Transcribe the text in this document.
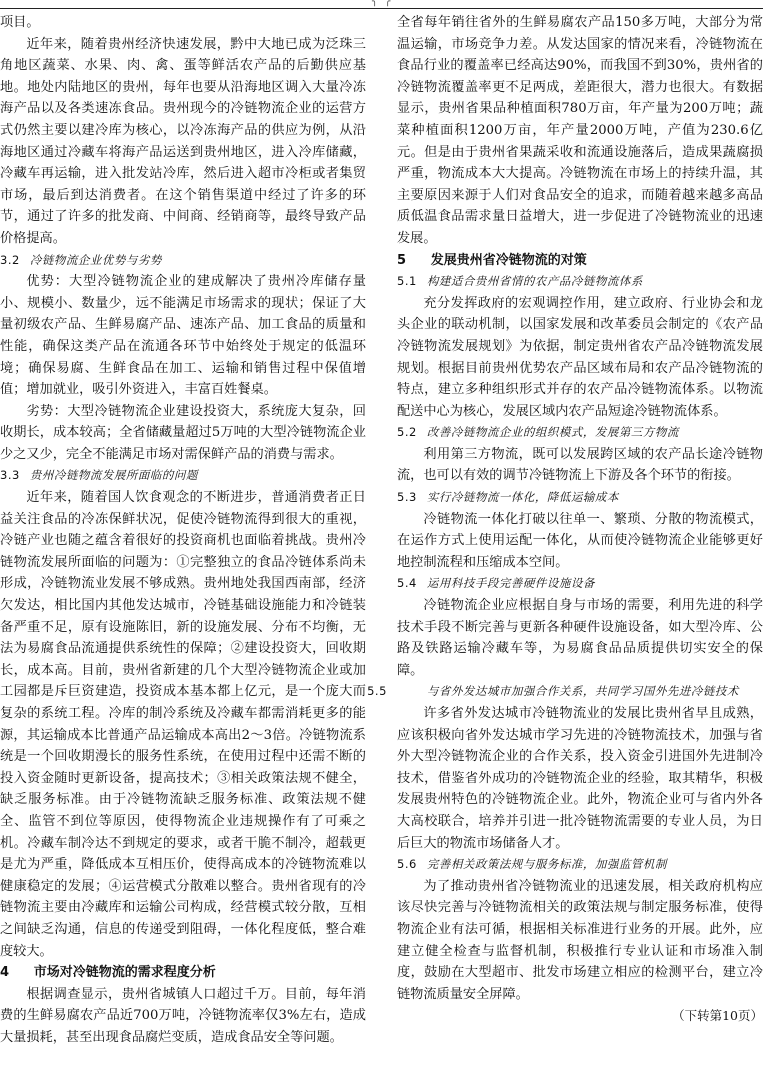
╮ ╭

项目。

近年来，随着贵州经济快速发展，黔中大地已成为泛珠三角地区蔬菜、水果、肉、禽、蛋等鲜活农产品的后勤供应基地。地处内陆地区的贵州，每年也要从沿海地区调入大量冷冻海产品以及各类速冻食品。贵州现今的冷链物流企业的运营方式仍然主要以建冷库为核心，以冷冻海产品的供应为例，从沿海地区通过冷藏车将海产品运送到贵州地区，进入冷库储藏，冷藏车再运输，进入批发站冷库，然后进入超市冷柜或者集贸市场，最后到达消费者。在这个销售渠道中经过了许多的环节，通过了许多的批发商、中间商、经销商等，最终导致产品价格提高。

3.2 冷链物流企业优势与劣势

优势：大型冷链物流企业的建成解决了贵州冷库储存量小、规模小、数量少，远不能满足市场需求的现状；保证了大量初级农产品、生鲜易腐产品、速冻产品、加工食品的质量和性能，确保这类产品在流通各环节中始终处于规定的低温环境；确保易腐、生鲜食品在加工、运输和销售过程中保值增值；增加就业，吸引外资进入，丰富百姓餐桌。

劣势：大型冷链物流企业建设投资大，系统庞大复杂，回收期长，成本较高；全省储藏量超过5万吨的大型冷链物流企业少之又少，完全不能满足市场对需保鲜产品的消费与需求。

3.3 贵州冷链物流发展所面临的问题

近年来，随着国人饮食观念的不断进步，普通消费者正日益关注食品的冷冻保鲜状况，促使冷链物流得到很大的重视，冷链产业也随之蕴含着很好的投资商机也面临着挑战。贵州冷链物流发展所面临的问题为：①完整独立的食品冷链体系尚未形成，冷链物流业发展不够成熟。贵州地处我国西南部，经济欠发达，相比国内其他发达城市，冷链基础设施能力和冷链装备严重不足，原有设施陈旧，新的设施发展、分布不均衡，无法为易腐食品流通提供系统性的保障；②建设投资大，回收期长，成本高。目前，贵州省新建的几个大型冷链物流企业或加工园都是斥巨资建造，投资成本基本都上亿元，是一个庞大而复杂的系统工程。冷库的制冷系统及冷藏车都需消耗更多的能源，其运输成本比普通产品运输成本高出2～3倍。冷链物流系统是一个回收期漫长的服务性系统，在使用过程中还需不断的投入资金随时更新设备，提高技术；③相关政策法规不健全，缺乏服务标准。由于冷链物流缺乏服务标准、政策法规不健全、监管不到位等原因，使得物流企业违规操作有了可乘之机。冷藏车制冷达不到规定的要求，或者干脆不制冷，超载更是尤为严重，降低成本互相压价，使得高成本的冷链物流难以健康稳定的发展；④运营模式分散难以整合。贵州省现有的冷链物流主要由冷藏库和运输公司构成，经营模式较分散，互相之间缺乏沟通，信息的传递受到阻碍，一体化程度低，整合难度较大。

4 市场对冷链物流的需求程度分析

根据调查显示，贵州省城镇人口超过千万。目前，每年消费的生鲜易腐农产品近700万吨，冷链物流率仅3%左右，造成大量损耗，甚至出现食品腐烂变质，造成食品安全等问题。

全省每年销往省外的生鲜易腐农产品150多万吨，大部分为常温运输，市场竞争力差。从发达国家的情况来看，冷链物流在食品行业的覆盖率已经高达90%，而我国不到30%，贵州省的冷链物流覆盖率更不足两成，差距很大，潜力也很大。有数据显示，贵州省果品种植面积780万亩，年产量为200万吨；蔬菜种植面积1200万亩，年产量2000万吨，产值为230.6亿元。但是由于贵州省果蔬采收和流通设施落后，造成果蔬腐损严重，物流成本大大提高。冷链物流在市场上的持续升温，其主要原因来源于人们对食品安全的追求，而随着越来越多高品质低温食品需求量日益增大，进一步促进了冷链物流业的迅速发展。

5 发展贵州省冷链物流的对策
5.1 构建适合贵州省情的农产品冷链物流体系

充分发挥政府的宏观调控作用，建立政府、行业协会和龙头企业的联动机制，以国家发展和改革委员会制定的《农产品冷链物流发展规划》为依据，制定贵州省农产品冷链物流发展规划。根据目前贵州优势农产品区域布局和农产品冷链物流的特点，建立多种组织形式并存的农产品冷链物流体系。以物流配送中心为核心，发展区域内农产品短途冷链物流体系。

5.2 改善冷链物流企业的组织模式，发展第三方物流

利用第三方物流，既可以发展跨区域的农产品长途冷链物流，也可以有效的调节冷链物流上下游及各个环节的衔接。

5.3 实行冷链物流一体化，降低运输成本

冷链物流一体化打破以往单一、繁琐、分散的物流模式，在运作方式上使用运配一体化，从而使冷链物流企业能够更好地控制流程和压缩成本空间。

5.4 运用科技手段完善硬件设施设备

冷链物流企业应根据自身与市场的需要，利用先进的科学技术手段不断完善与更新各种硬件设施设备，如大型冷库、公路及铁路运输冷藏车等，为易腐食品品质提供切实安全的保障。

5.5	与省外发达城市加强合作关系，共同学习国外先进冷链技术

许多省外发达城市冷链物流业的发展比贵州省早且成熟，应该积极向省外发达城市学习先进的冷链物流技术，加强与省外大型冷链物流企业的合作关系，投入资金引进国外先进制冷技术，借鉴省外成功的冷链物流企业的经验，取其精华，积极发展贵州特色的冷链物流企业。此外，物流企业可与省内外各大高校联合，培养并引进一批冷链物流需要的专业人员，为日后巨大的物流市场储备人才。

5.6 完善相关政策法规与服务标准，加强监管机制

为了推动贵州省冷链物流业的迅速发展，相关政府机构应该尽快完善与冷链物流相关的政策法规与制定服务标准，使得物流企业有法可循，根据相关标准进行业务的开展。此外，应建立健全检查与监督机制，积极推行专业认证和市场准入制度，鼓励在大型超市、批发市场建立相应的检测平台，建立冷链物流质量安全屏障。

（下转第10页）
